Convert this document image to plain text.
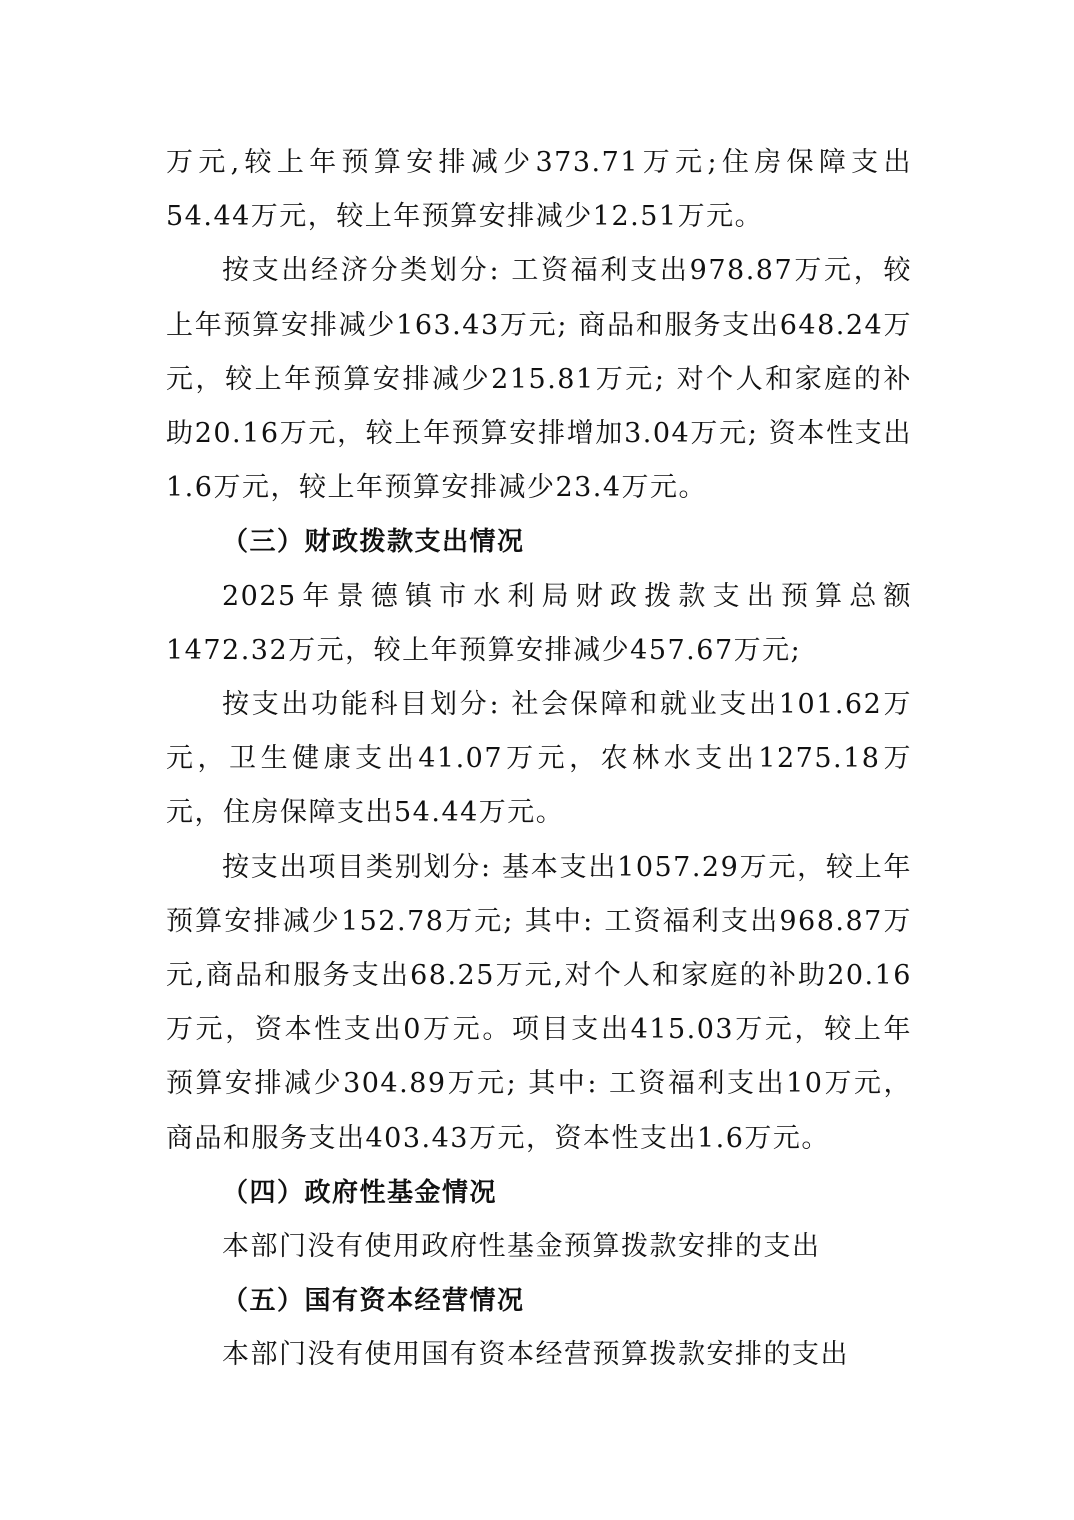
万元,较上年预算安排减少373.71万元;住房保障支出54.44万元，较上年预算安排减少12.51万元。

按支出经济分类划分: 工资福利支出978.87万元，较上年预算安排减少163.43万元; 商品和服务支出648.24万元，较上年预算安排减少215.81万元; 对个人和家庭的补助20.16万元，较上年预算安排增加3.04万元; 资本性支出1.6万元，较上年预算安排减少23.4万元。

（三）财政拨款支出情况

2025年景德镇市水利局财政拨款支出预算总额1472.32万元，较上年预算安排减少457.67万元;

按支出功能科目划分: 社会保障和就业支出101.62万元，卫生健康支出41.07万元，农林水支出1275.18万元，住房保障支出54.44万元。

按支出项目类别划分: 基本支出1057.29万元，较上年预算安排减少152.78万元; 其中: 工资福利支出968.87万元,商品和服务支出68.25万元,对个人和家庭的补助20.16万元，资本性支出0万元。项目支出415.03万元，较上年预算安排减少304.89万元; 其中: 工资福利支出10万元，商品和服务支出403.43万元，资本性支出1.6万元。

（四）政府性基金情况

本部门没有使用政府性基金预算拨款安排的支出

（五）国有资本经营情况

本部门没有使用国有资本经营预算拨款安排的支出
